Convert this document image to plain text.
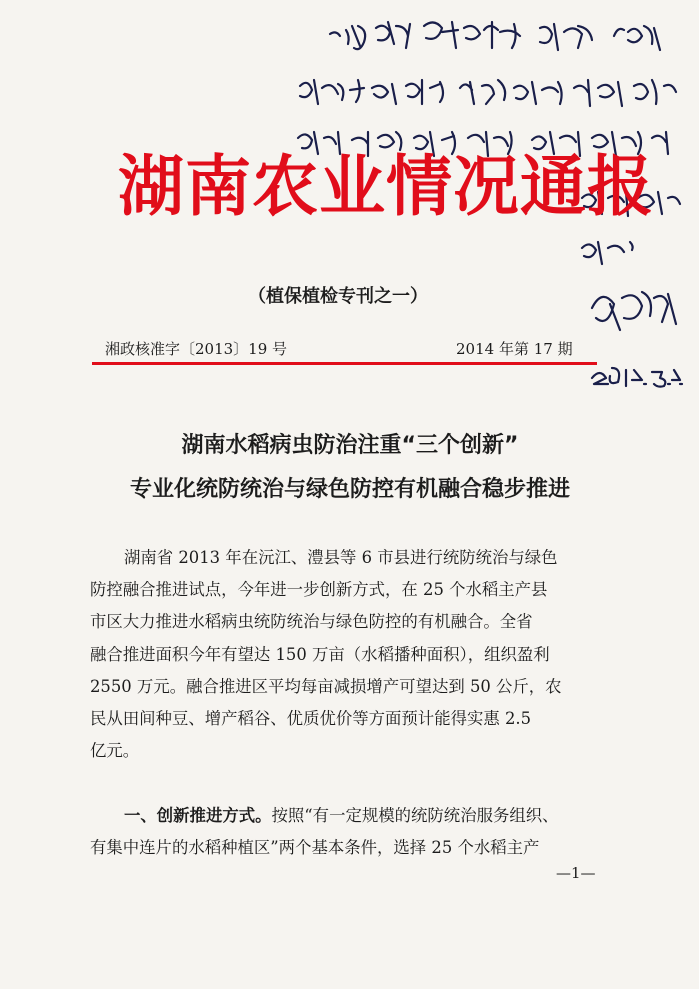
湖南农业情况通报
（植保植检专刊之一）
湘政核准字〔2013〕19 号	2014 年第 17 期
湖南水稻病虫防治注重“三个创新”
专业化统防统治与绿色防控有机融合稳步推进
湖南省 2013 年在沅江、澧县等 6 市县进行统防统治与绿色
防控融合推进试点，今年进一步创新方式，在 25 个水稻主产县
市区大力推进水稻病虫统防统治与绿色防控的有机融合。全省
融合推进面积今年有望达 150 万亩（水稻播种面积），组织盈利
2550 万元。融合推进区平均每亩减损增产可望达到 50 公斤，农
民从田间种豆、增产稻谷、优质优价等方面预计能得实惠 2.5
亿元。
一、创新推进方式。按照“有一定规模的统防统治服务组织、
有集中连片的水稻种植区”两个基本条件，选择 25 个水稻主产
—1—
